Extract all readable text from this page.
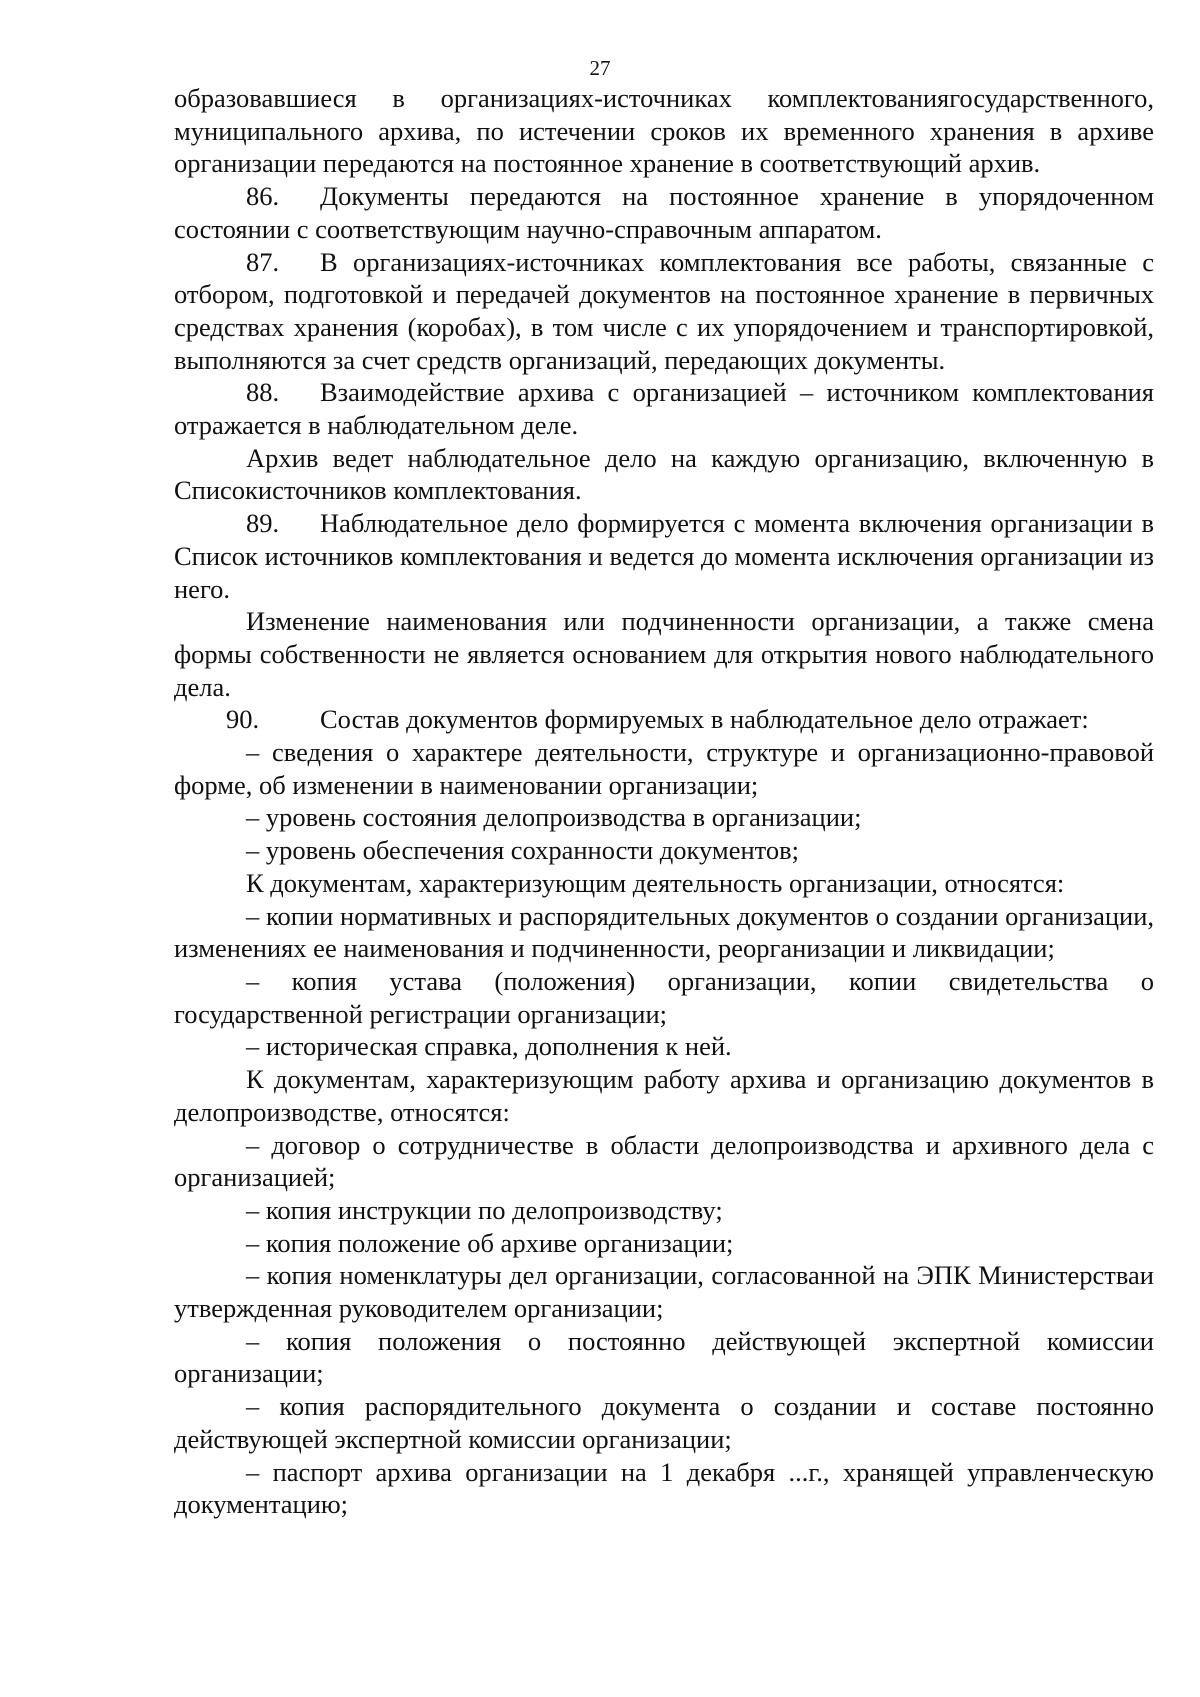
27

образовавшиеся в организациях-источниках комплектованиягосударственного, муниципального архива, по истечении сроков их временного хранения в архиве организации передаются на постоянное хранение в соответствующий архив.

86. Документы передаются на постоянное хранение в упорядоченном состоянии с соответствующим научно-справочным аппаратом.

87. В организациях-источниках комплектования все работы, связанные с отбором, подготовкой и передачей документов на постоянное хранение в первичных средствах хранения (коробах), в том числе с их упорядочением и транспортировкой, выполняются за счет средств организаций, передающих документы.

88. Взаимодействие архива с организацией – источником комплектования отражается в наблюдательном деле.

Архив ведет наблюдательное дело на каждую организацию, включенную в Списокисточников комплектования.

89. Наблюдательное дело формируется с момента включения организации в Список источников комплектования и ведется до момента исключения организации из него.

Изменение наименования или подчиненности организации, а также смена формы собственности не является основанием для открытия нового наблюдательного дела.

90. Состав документов формируемых в наблюдательное дело отражает:

– сведения о характере деятельности, структуре и организационно-правовой форме, об изменении в наименовании организации;

– уровень состояния делопроизводства в организации;

– уровень обеспечения сохранности документов;

К документам, характеризующим деятельность организации, относятся:

– копии нормативных и распорядительных документов о создании организации, изменениях ее наименования и подчиненности, реорганизации и ликвидации;

– копия устава (положения) организации, копии свидетельства о государственной регистрации организации;

– историческая справка, дополнения к ней.

К документам, характеризующим работу архива и организацию документов в делопроизводстве, относятся:

– договор о сотрудничестве в области делопроизводства и архивного дела с организацией;

– копия инструкции по делопроизводству;

– копия положение об архиве организации;

– копия номенклатуры дел организации, согласованной на ЭПК Министерстваи утвержденная руководителем организации;

– копия положения о постоянно действующей экспертной комиссии организации;

– копия распорядительного документа о создании и составе постоянно действующей экспертной комиссии организации;

– паспорт архива организации на 1 декабря ...г., хранящей управленческую документацию;
